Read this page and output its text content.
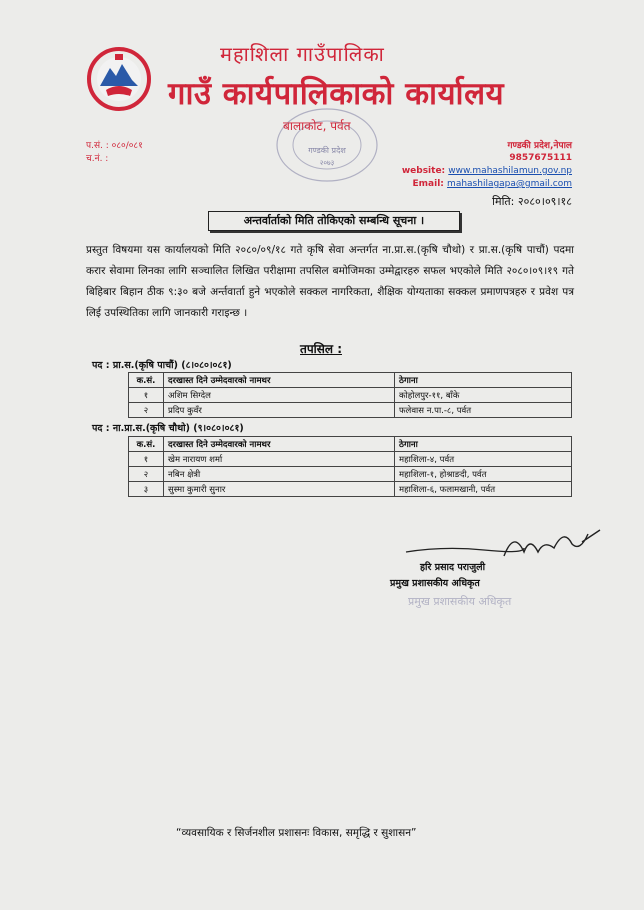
महाशिला गाउँपालिका
गाउँ कार्यपालिकाको कार्यालय
गण्डकी प्रदेश
२०७३
बालाकोट, पर्वत
प.सं. : ०८०/०८१
च.नं. :
गण्डकी प्रदेश,नेपाल
9857675111
website: www.mahashilamun.gov.np
Email: mahashilagapa@gmail.com
मिति: २०८०।०९।१८
अन्तर्वार्ताको मिति तोकिएको सम्बन्धि सूचना ।
प्रस्तुत विषयमा यस कार्यालयको मिति २०८०/०९/१८ गते कृषि सेवा अन्तर्गत ना.प्रा.स.(कृषि चौथो) र प्रा.स.(कृषि पाचौं) पदमा करार सेवामा लिनका लागि सञ्चालित लिखित परीक्षामा तपसिल बमोजिमका उम्मेद्वारहरु सफल भएकोले मिति २०८०।०९।१९ गते बिहिबार बिहान ठीक ९:३० बजे अर्न्तवार्ता हुने भएकोले सक्कल नागरिकता, शैक्षिक योग्यताका सक्कल प्रमाणपत्रहरु र प्रवेश पत्र लिई उपस्थितिका लागि जानकारी गराइन्छ ।
तपसिल :
पद : प्रा.स.(कृषि पाचौं) (८।०८०।०८१)
क.सं.	दरखास्त दिने उम्मेदवारको नामथर	ठेगाना
१	अशिम सिग्देल	कोहोलपुर-११, बाँके
२	प्रदिप कुवँर	फलेवास न.पा.-८, पर्वत
पद : ना.प्रा.स.(कृषि चौथो) (९।०८०।०८१)
क.सं.	दरखास्त दिने उम्मेदवारको नामथर	ठेगाना
१	खेम नारायण शर्मा	महाशिला-४, पर्वत
२	नबिन क्षेत्री	महाशिला-१, होश्राङदी, पर्वत
३	सुस्मा कुमारी सुनार	महाशिला-६, फलामखानी, पर्वत
हरि प्रसाद पराजुली
प्रमुख प्रशासकीय अधिकृत
प्रमुख प्रशासकीय अधिकृत
“व्यवसायिक र सिर्जनशील प्रशासनः विकास, समृद्धि र सुशासन”
